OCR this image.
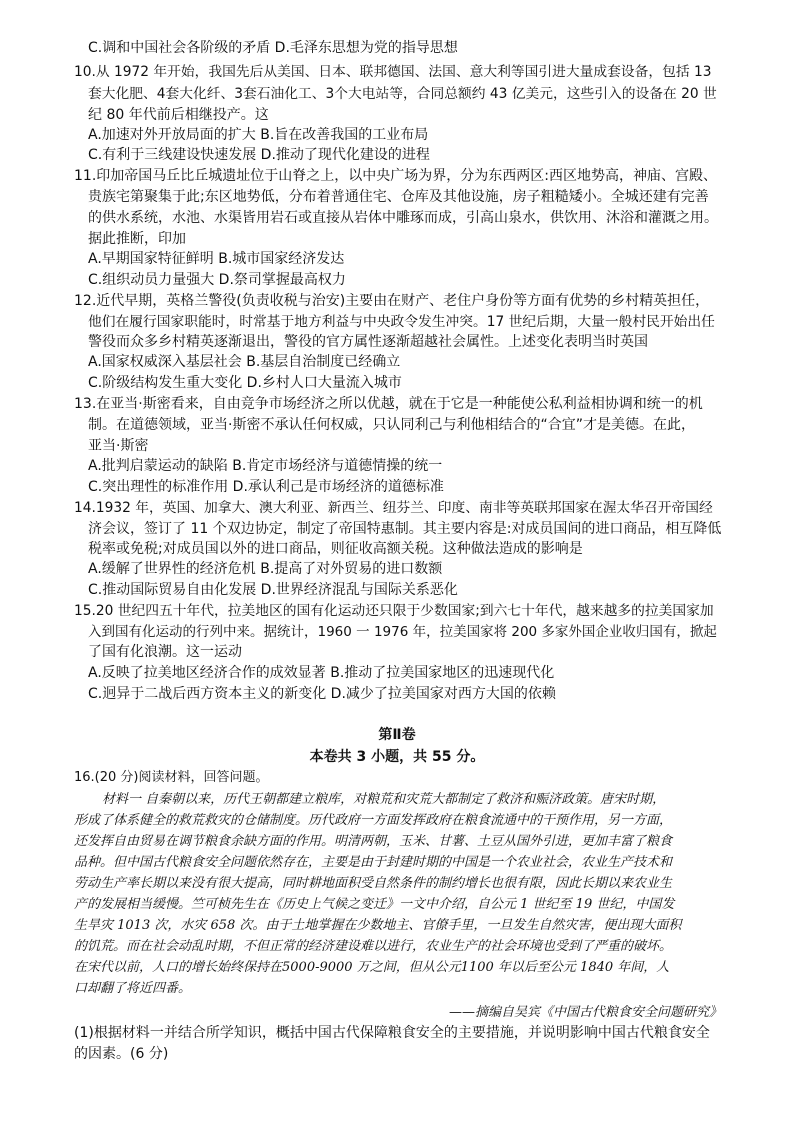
C.调和中国社会各阶级的矛盾 D.毛泽东思想为党的指导思想
10.从 1972 年开始，我国先后从美国、日本、联邦德国、法国、意大利等国引进大量成套设备，包括 13
套大化肥、4套大化纤、3套石油化工、3个大电站等，合同总额约 43 亿美元，这些引入的设备在 20 世
纪 80 年代前后相继投产。这
A.加速对外开放局面的扩大 B.旨在改善我国的工业布局
C.有利于三线建设快速发展 D.推动了现代化建设的进程
11.印加帝国马丘比丘城遗址位于山脊之上，以中央广场为界，分为东西两区:西区地势高，神庙、宫殿、
贵族宅第聚集于此;东区地势低，分布着普通住宅、仓库及其他设施，房子粗糙矮小。全城还建有完善
的供水系统，水池、水渠皆用岩石或直接从岩体中雕琢而成，引高山泉水，供饮用、沐浴和灌溉之用。
据此推断，印加
A.早期国家特征鲜明 B.城市国家经济发达
C.组织动员力量强大 D.祭司掌握最高权力
12.近代早期，英格兰警役(负责收税与治安)主要由在财产、老住户身份等方面有优势的乡村精英担任，
他们在履行国家职能时，时常基于地方利益与中央政令发生冲突。17 世纪后期，大量一般村民开始出任
警役而众多乡村精英逐渐退出，警役的官方属性逐渐超越社会属性。上述变化表明当时英国
A.国家权威深入基层社会 B.基层自治制度已经确立
C.阶级结构发生重大变化 D.乡村人口大量流入城市
13.在亚当·斯密看来，自由竞争市场经济之所以优越，就在于它是一种能使公私利益相协调和统一的机
制。在道德领域，亚当·斯密不承认任何权威，只认同利己与利他相结合的“合宜”才是美德。在此，
亚当·斯密
A.批判启蒙运动的缺陷 B.肯定市场经济与道德情操的统一
C.突出理性的标准作用 D.承认利己是市场经济的道德标准
14.1932 年，英国、加拿大、澳大利亚、新西兰、纽芬兰、印度、南非等英联邦国家在渥太华召开帝国经
济会议，签订了 11 个双边协定，制定了帝国特惠制。其主要内容是:对成员国间的进口商品，相互降低
税率或免税;对成员国以外的进口商品，则征收高额关税。这种做法造成的影响是
A.缓解了世界性的经济危机 B.提高了对外贸易的进口数额
C.推动国际贸易自由化发展 D.世界经济混乱与国际关系恶化
15.20 世纪四五十年代，拉美地区的国有化运动还只限于少数国家;到六七十年代，越来越多的拉美国家加
入到国有化运动的行列中来。据统计，1960 一 1976 年，拉美国家将 200 多家外国企业收归国有，掀起
了国有化浪潮。这一运动
A.反映了拉美地区经济合作的成效显著 B.推动了拉美国家地区的迅速现代化
C.迥异于二战后西方资本主义的新变化 D.减少了拉美国家对西方大国的依赖
第Ⅱ卷
本卷共 3 小题，共 55 分。
16.(20 分)阅读材料，回答问题。
材料一 自秦朝以来，历代王朝都建立粮库，对粮荒和灾荒大都制定了救济和赈济政策。唐宋时期，
形成了体系健全的救荒救灾的仓储制度。历代政府一方面发挥政府在粮食流通中的干预作用，另一方面，
还发挥自由贸易在调节粮食余缺方面的作用。明清两朝，玉米、甘薯、土豆从国外引进，更加丰富了粮食
品种。但中国古代粮食安全问题依然存在，主要是由于封建时期的中国是一个农业社会，农业生产技术和
劳动生产率长期以来没有很大提高，同时耕地面积受自然条件的制约增长也很有限，因此长期以来农业生
产的发展相当缓慢。竺可桢先生在《历史上气候之变迁》一文中介绍，自公元 1 世纪至 19 世纪，中国发
生旱灾 1013 次，水灾 658 次。由于土地掌握在少数地主、官僚手里，一旦发生自然灾害，便出现大面积
的饥荒。而在社会动乱时期，不但正常的经济建设难以进行，农业生产的社会环境也受到了严重的破坏。
在宋代以前，人口的增长始终保持在5000-9000 万之间，但从公元1100 年以后至公元 1840 年间，人
口却翻了将近四番。
——摘编自吴宾《中国古代粮食安全问题研究》
(1)根据材料一并结合所学知识，概括中国古代保障粮食安全的主要措施，并说明影响中国古代粮食安全
的因素。(6 分)
